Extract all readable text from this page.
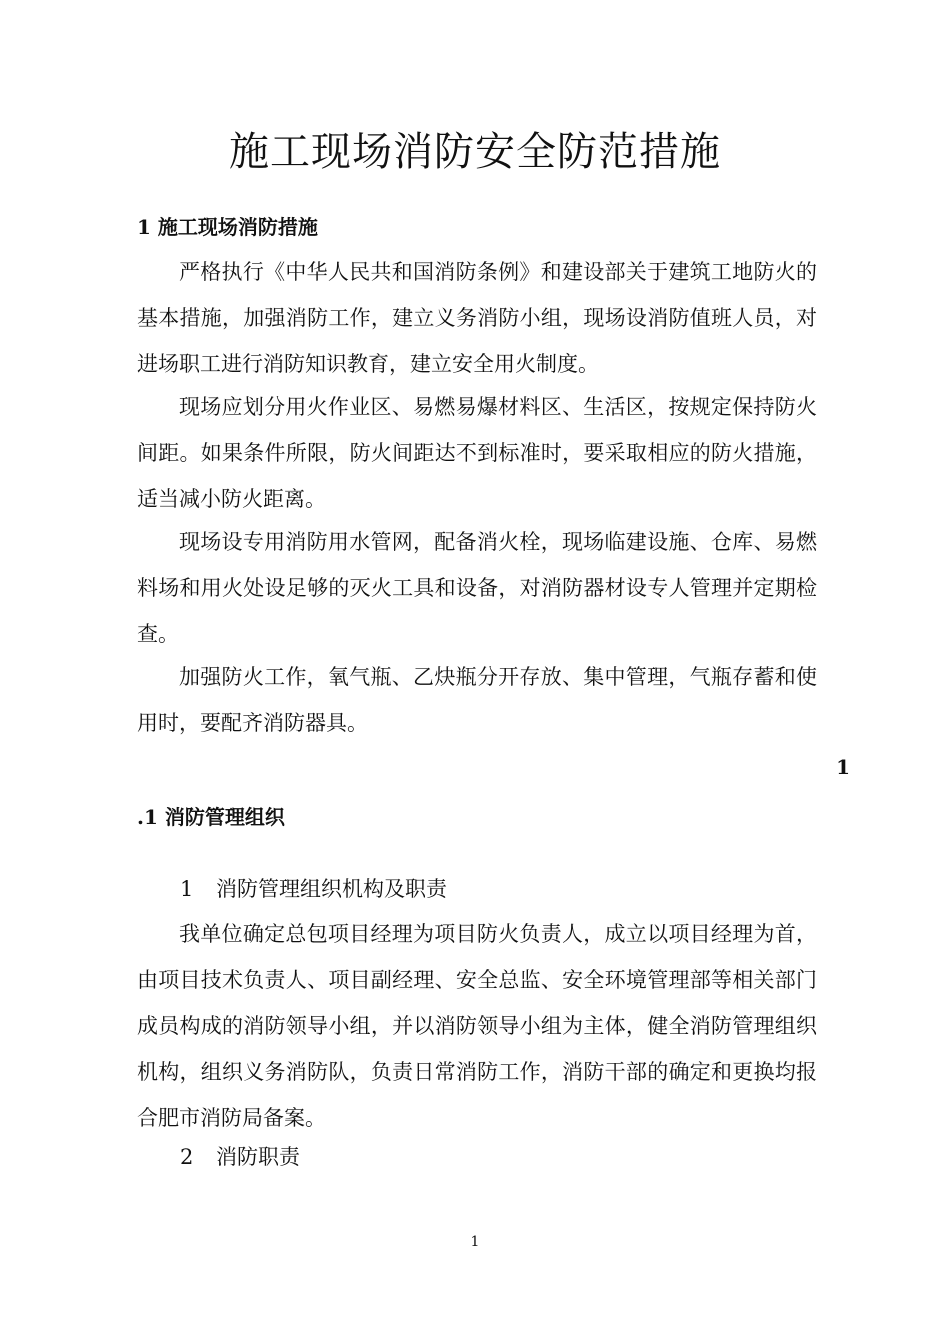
施工现场消防安全防范措施

1 施工现场消防措施

严格执行《中华人民共和国消防条例》和建设部关于建筑工地防火的基本措施，加强消防工作，建立义务消防小组，现场设消防值班人员，对进场职工进行消防知识教育，建立安全用火制度。

现场应划分用火作业区、易燃易爆材料区、生活区，按规定保持防火间距。如果条件所限，防火间距达不到标准时，要采取相应的防火措施，适当减小防火距离。

现场设专用消防用水管网，配备消火栓，现场临建设施、仓库、易燃料场和用火处设足够的灭火工具和设备，对消防器材设专人管理并定期检查。

加强防火工作，氧气瓶、乙炔瓶分开存放、集中管理，气瓶存蓄和使用时，要配齐消防器具。

1

.1 消防管理组织

1 消防管理组织机构及职责

我单位确定总包项目经理为项目防火负责人，成立以项目经理为首，由项目技术负责人、项目副经理、安全总监、安全环境管理部等相关部门成员构成的消防领导小组，并以消防领导小组为主体，健全消防管理组织机构，组织义务消防队，负责日常消防工作，消防干部的确定和更换均报合肥市消防局备案。

2 消防职责

1
